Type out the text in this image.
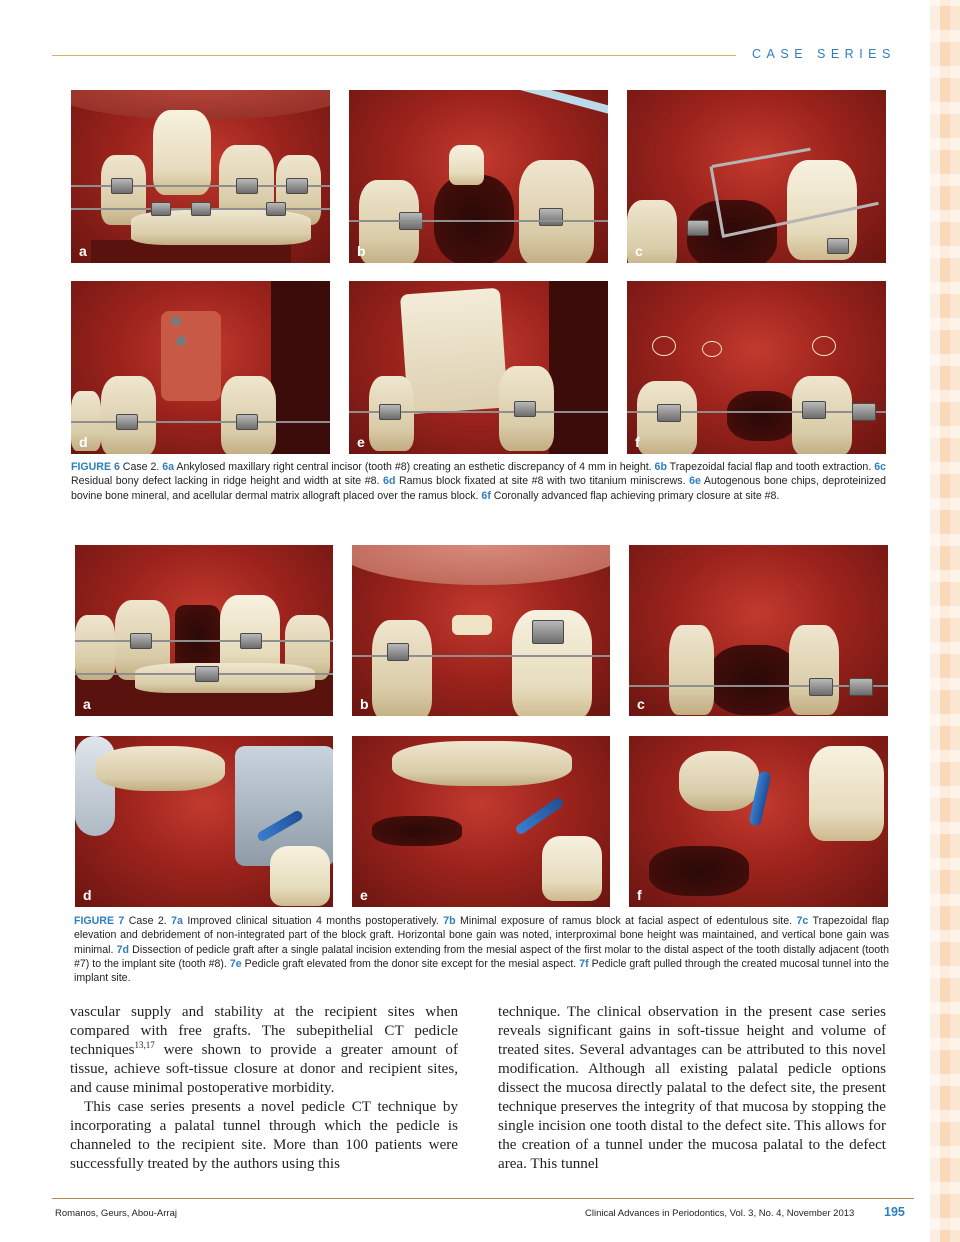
CASE SERIES
a	b	c
d	e	f

FIGURE 6 Case 2. 6a Ankylosed maxillary right central incisor (tooth #8) creating an esthetic discrepancy of 4 mm in height. 6b Trapezoidal facial flap and tooth extraction. 6c Residual bony defect lacking in ridge height and width at site #8. 6d Ramus block fixated at site #8 with two titanium miniscrews. 6e Autogenous bone chips, deproteinized bovine bone mineral, and acellular dermal matrix allograft placed over the ramus block. 6f Coronally advanced flap achieving primary closure at site #8.

a	b	c
d	e	f

FIGURE 7 Case 2. 7a Improved clinical situation 4 months postoperatively. 7b Minimal exposure of ramus block at facial aspect of edentulous site. 7c Trapezoidal flap elevation and debridement of non-integrated part of the block graft. Horizontal bone gain was noted, interproximal bone height was maintained, and vertical bone gain was minimal. 7d Dissection of pedicle graft after a single palatal incision extending from the mesial aspect of the first molar to the distal aspect of the tooth distally adjacent (tooth #7) to the implant site (tooth #8). 7e Pedicle graft elevated from the donor site except for the mesial aspect. 7f Pedicle graft pulled through the created mucosal tunnel into the implant site.

vascular supply and stability at the recipient sites when compared with free grafts. The subepithelial CT pedicle techniques$^{13,17}$ were shown to provide a greater amount of tissue, achieve soft-tissue closure at donor and recipient sites, and cause minimal postoperative morbidity.

This case series presents a novel pedicle CT technique by incorporating a palatal tunnel through which the pedicle is channeled to the recipient site. More than 100 patients were successfully treated by the authors using this

technique. The clinical observation in the present case series reveals significant gains in soft-tissue height and volume of treated sites. Several advantages can be attributed to this novel modification. Although all existing palatal pedicle options dissect the mucosa directly palatal to the defect site, the present technique preserves the integrity of that mucosa by stopping the single incision one tooth distal to the defect site. This allows for the creation of a tunnel under the mucosa palatal to the defect area. This tunnel

Romanos, Geurs, Abou-Arraj	Clinical Advances in Periodontics, Vol. 3, No. 4, November 2013 195
